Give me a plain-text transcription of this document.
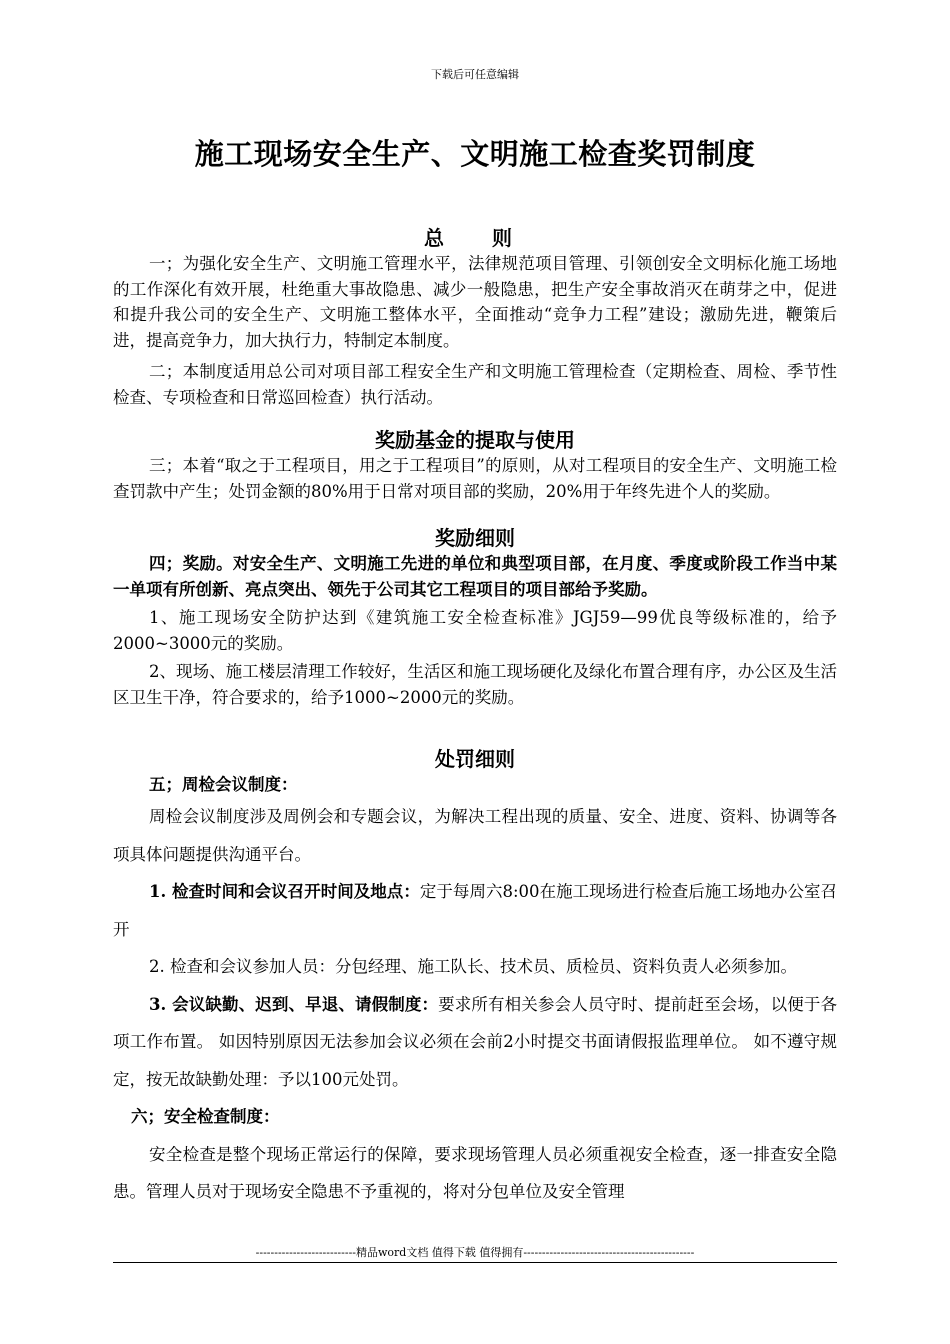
下载后可任意编辑
施工现场安全生产、文明施工检查奖罚制度

总　则

一；为强化安全生产、文明施工管理水平，法律规范项目管理、引领创安全文明标化施工场地的工作深化有效开展，杜绝重大事故隐患、减少一般隐患，把生产安全事故消灭在萌芽之中，促进和提升我公司的安全生产、文明施工整体水平，全面推动“竞争力工程”建设；激励先进，鞭策后进，提高竞争力，加大执行力，特制定本制度。

二；本制度适用总公司对项目部工程安全生产和文明施工管理检查（定期检查、周检、季节性检查、专项检查和日常巡回检查）执行活动。

奖励基金的提取与使用

三；本着“取之于工程项目，用之于工程项目”的原则，从对工程项目的安全生产、文明施工检查罚款中产生；处罚金额的80%用于日常对项目部的奖励，20%用于年终先进个人的奖励。

奖励细则

四；奖励。对安全生产、文明施工先进的单位和典型项目部，在月度、季度或阶段工作当中某一单项有所创新、亮点突出、领先于公司其它工程项目的项目部给予奖励。

1、施工现场安全防护达到《建筑施工安全检查标准》JGJ59—99优良等级标准的，给予2000~3000元的奖励。

2、现场、施工楼层清理工作较好，生活区和施工现场硬化及绿化布置合理有序，办公区及生活区卫生干净，符合要求的，给予1000~2000元的奖励。

处罚细则

五；周检会议制度：

周检会议制度涉及周例会和专题会议，为解决工程出现的质量、安全、进度、资料、协调等各项具体问题提供沟通平台。

1. 检查时间和会议召开时间及地点：定于每周六8:00在施工现场进行检查后施工场地办公室召开

2. 检查和会议参加人员：分包经理、施工队长、技术员、质检员、资料负责人必须参加。

3. 会议缺勤、迟到、早退、请假制度：要求所有相关参会人员守时、提前赶至会场，以便于各项工作布置。 如因特别原因无法参加会议必须在会前2小时提交书面请假报监理单位。 如不遵守规定，按无故缺勤处理：予以100元处罚。

六；安全检查制度：

安全检查是整个现场正常运行的保障，要求现场管理人员必须重视安全检查，逐一排查安全隐患。管理人员对于现场安全隐患不予重视的，将对分包单位及安全管理

---------------------------精品word文档 值得下载 值得拥有----------------------------------------------
